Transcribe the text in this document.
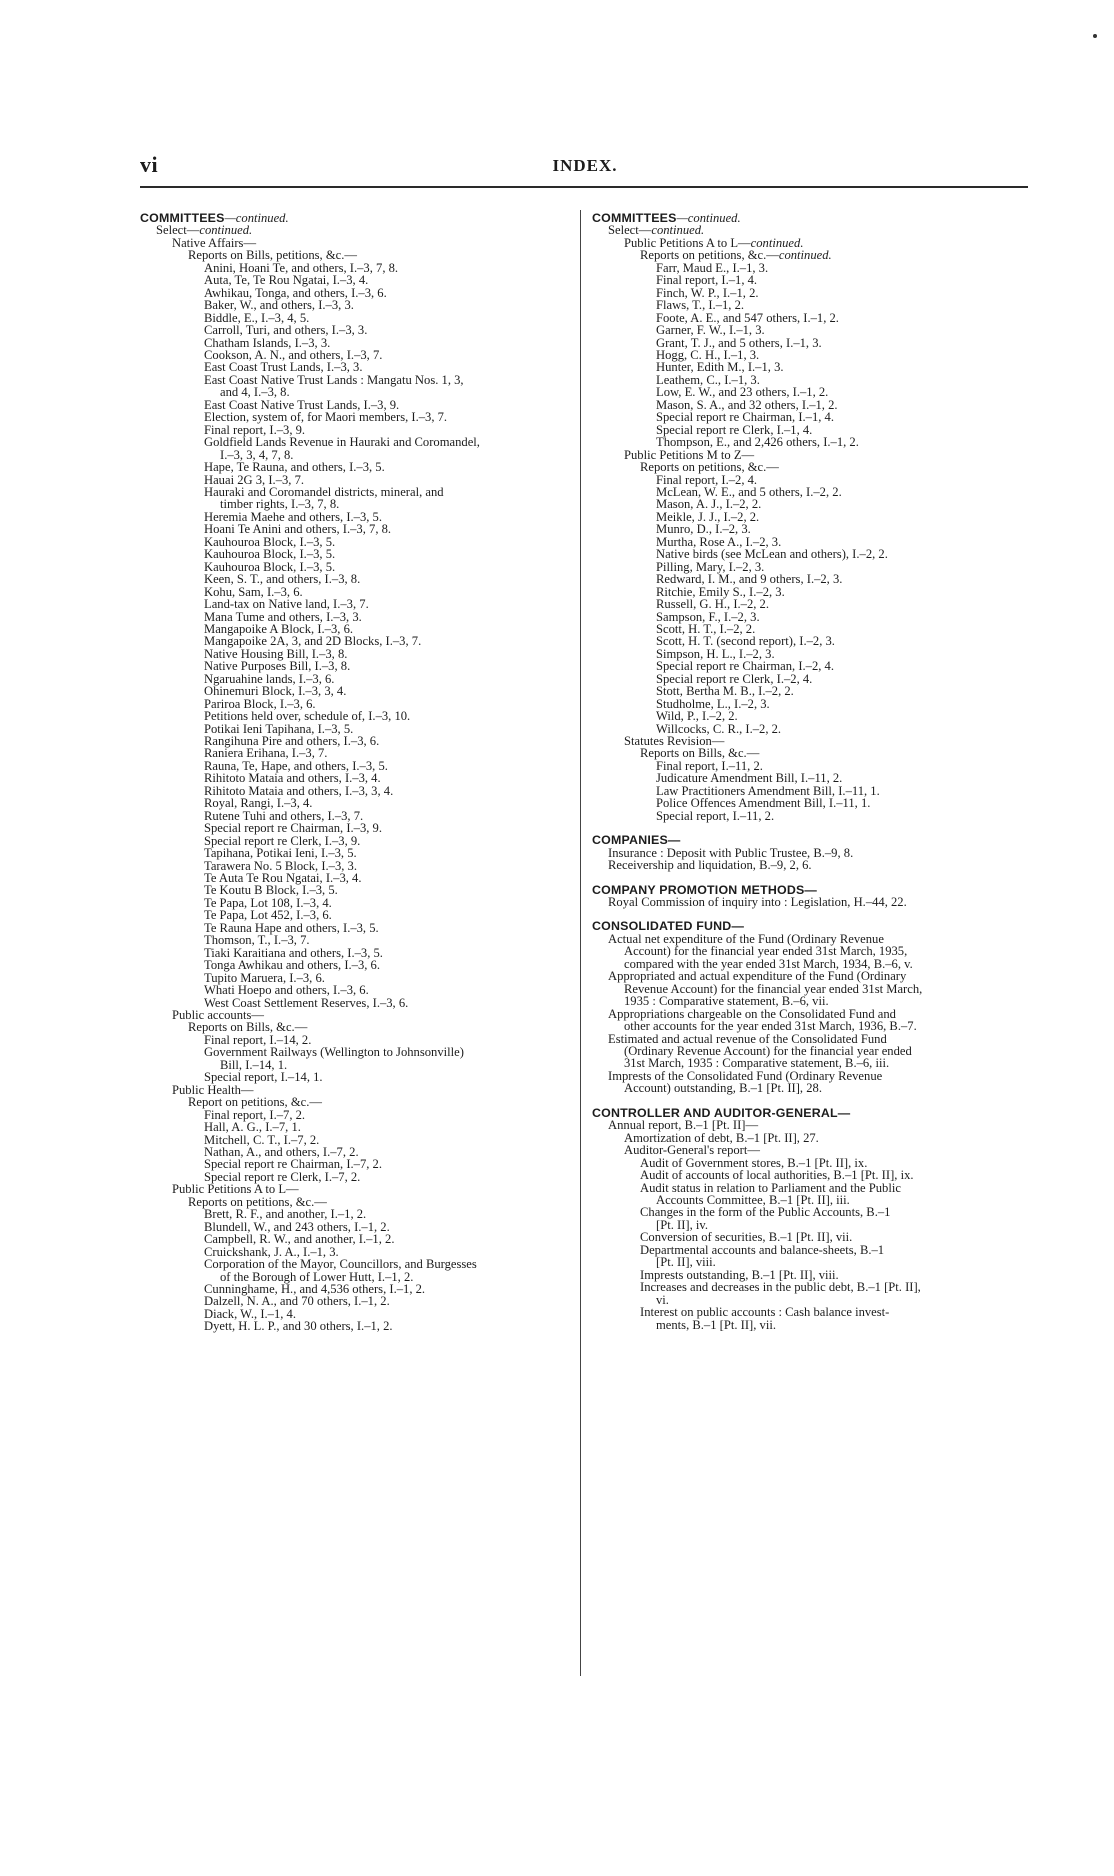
vi	INDEX.
COMMITTEES—continued.
Select—continued.
Native Affairs—
Reports on Bills, petitions, &c.—
Anini, Hoani Te, and others, I.–3, 7, 8.
Auta, Te, Te Rou Ngatai, I.–3, 4.
Awhikau, Tonga, and others, I.–3, 6.
Baker, W., and others, I.–3, 3.
Biddle, E., I.–3, 4, 5.
Carroll, Turi, and others, I.–3, 3.
Chatham Islands, I.–3, 3.
Cookson, A. N., and others, I.–3, 7.
East Coast Trust Lands, I.–3, 3.
East Coast Native Trust Lands : Mangatu Nos. 1, 3,
and 4, I.–3, 8.
East Coast Native Trust Lands, I.–3, 9.
Election, system of, for Maori members, I.–3, 7.
Final report, I.–3, 9.
Goldfield Lands Revenue in Hauraki and Coromandel,
I.–3, 3, 4, 7, 8.
Hape, Te Rauna, and others, I.–3, 5.
Hauai 2G 3, I.–3, 7.
Hauraki and Coromandel districts, mineral, and
timber rights, I.–3, 7, 8.
Heremia Maehe and others, I.–3, 5.
Hoani Te Anini and others, I.–3, 7, 8.
Kauhouroa Block, I.–3, 5.
Kauhouroa Block, I.–3, 5.
Kauhouroa Block, I.–3, 5.
Keen, S. T., and others, I.–3, 8.
Kohu, Sam, I.–3, 6.
Land-tax on Native land, I.–3, 7.
Mana Tume and others, I.–3, 3.
Mangapoike A Block, I.–3, 6.
Mangapoike 2A, 3, and 2D Blocks, I.–3, 7.
Native Housing Bill, I.–3, 8.
Native Purposes Bill, I.–3, 8.
Ngaruahine lands, I.–3, 6.
Ohinemuri Block, I.–3, 3, 4.
Pariroa Block, I.–3, 6.
Petitions held over, schedule of, I.–3, 10.
Potikai Ieni Tapihana, I.–3, 5.
Rangihuna Pire and others, I.–3, 6.
Raniera Erihana, I.–3, 7.
Rauna, Te, Hape, and others, I.–3, 5.
Rihitoto Mataia and others, I.–3, 4.
Rihitoto Mataia and others, I.–3, 3, 4.
Royal, Rangi, I.–3, 4.
Rutene Tuhi and others, I.–3, 7.
Special report re Chairman, I.–3, 9.
Special report re Clerk, I.–3, 9.
Tapihana, Potikai Ieni, I.–3, 5.
Tarawera No. 5 Block, I.–3, 3.
Te Auta Te Rou Ngatai, I.–3, 4.
Te Koutu B Block, I.–3, 5.
Te Papa, Lot 108, I.–3, 4.
Te Papa, Lot 452, I.–3, 6.
Te Rauna Hape and others, I.–3, 5.
Thomson, T., I.–3, 7.
Tiaki Karaitiana and others, I.–3, 5.
Tonga Awhikau and others, I.–3, 6.
Tupito Maruera, I.–3, 6.
Whati Hoepo and others, I.–3, 6.
West Coast Settlement Reserves, I.–3, 6.
Public accounts—
Reports on Bills, &c.—
Final report, I.–14, 2.
Government Railways (Wellington to Johnsonville)
Bill, I.–14, 1.
Special report, I.–14, 1.
Public Health—
Report on petitions, &c.—
Final report, I.–7, 2.
Hall, A. G., I.–7, 1.
Mitchell, C. T., I.–7, 2.
Nathan, A., and others, I.–7, 2.
Special report re Chairman, I.–7, 2.
Special report re Clerk, I.–7, 2.
Public Petitions A to L—
Reports on petitions, &c.—
Brett, R. F., and another, I.–1, 2.
Blundell, W., and 243 others, I.–1, 2.
Campbell, R. W., and another, I.–1, 2.
Cruickshank, J. A., I.–1, 3.
Corporation of the Mayor, Councillors, and Burgesses
of the Borough of Lower Hutt, I.–1, 2.
Cunninghame, H., and 4,536 others, I.–1, 2.
Dalzell, N. A., and 70 others, I.–1, 2.
Diack, W., I.–1, 4.
Dyett, H. L. P., and 30 others, I.–1, 2.
COMMITTEES—continued.
Select—continued.
Public Petitions A to L—continued.
Reports on petitions, &c.—continued.
Farr, Maud E., I.–1, 3.
Final report, I.–1, 4.
Finch, W. P., I.–1, 2.
Flaws, T., I.–1, 2.
Foote, A. E., and 547 others, I.–1, 2.
Garner, F. W., I.–1, 3.
Grant, T. J., and 5 others, I.–1, 3.
Hogg, C. H., I.–1, 3.
Hunter, Edith M., I.–1, 3.
Leathem, C., I.–1, 3.
Low, E. W., and 23 others, I.–1, 2.
Mason, S. A., and 32 others, I.–1, 2.
Special report re Chairman, I.–1, 4.
Special report re Clerk, I.–1, 4.
Thompson, E., and 2,426 others, I.–1, 2.
Public Petitions M to Z—
Reports on petitions, &c.—
Final report, I.–2, 4.
McLean, W. E., and 5 others, I.–2, 2.
Mason, A. J., I.–2, 2.
Meikle, J. J., I.–2, 2.
Munro, D., I.–2, 3.
Murtha, Rose A., I.–2, 3.
Native birds (see McLean and others), I.–2, 2.
Pilling, Mary, I.–2, 3.
Redward, I. M., and 9 others, I.–2, 3.
Ritchie, Emily S., I.–2, 3.
Russell, G. H., I.–2, 2.
Sampson, F., I.–2, 3.
Scott, H. T., I.–2, 2.
Scott, H. T. (second report), I.–2, 3.
Simpson, H. L., I.–2, 3.
Special report re Chairman, I.–2, 4.
Special report re Clerk, I.–2, 4.
Stott, Bertha M. B., I.–2, 2.
Studholme, L., I.–2, 3.
Wild, P., I.–2, 2.
Willcocks, C. R., I.–2, 2.
Statutes Revision—
Reports on Bills, &c.—
Final report, I.–11, 2.
Judicature Amendment Bill, I.–11, 2.
Law Practitioners Amendment Bill, I.–11, 1.
Police Offences Amendment Bill, I.–11, 1.
Special report, I.–11, 2.
COMPANIES—
Insurance : Deposit with Public Trustee, B.–9, 8.
Receivership and liquidation, B.–9, 2, 6.
COMPANY PROMOTION METHODS—
Royal Commission of inquiry into : Legislation, H.–44, 22.
CONSOLIDATED FUND—
Actual net expenditure of the Fund (Ordinary Revenue
Account) for the financial year ended 31st March, 1935,
compared with the year ended 31st March, 1934, B.–6, v.
Appropriated and actual expenditure of the Fund (Ordinary
Revenue Account) for the financial year ended 31st March,
1935 : Comparative statement, B.–6, vii.
Appropriations chargeable on the Consolidated Fund and
other accounts for the year ended 31st March, 1936, B.–7.
Estimated and actual revenue of the Consolidated Fund
(Ordinary Revenue Account) for the financial year ended
31st March, 1935 : Comparative statement, B.–6, iii.
Imprests of the Consolidated Fund (Ordinary Revenue
Account) outstanding, B.–1 [Pt. II], 28.
CONTROLLER AND AUDITOR-GENERAL—
Annual report, B.–1 [Pt. II]—
Amortization of debt, B.–1 [Pt. II], 27.
Auditor-General's report—
Audit of Government stores, B.–1 [Pt. II], ix.
Audit of accounts of local authorities, B.–1 [Pt. II], ix.
Audit status in relation to Parliament and the Public
Accounts Committee, B.–1 [Pt. II], iii.
Changes in the form of the Public Accounts, B.–1
[Pt. II], iv.
Conversion of securities, B.–1 [Pt. II], vii.
Departmental accounts and balance-sheets, B.–1
[Pt. II], viii.
Imprests outstanding, B.–1 [Pt. II], viii.
Increases and decreases in the public debt, B.–1 [Pt. II],
vi.
Interest on public accounts : Cash balance invest-
ments, B.–1 [Pt. II], vii.
